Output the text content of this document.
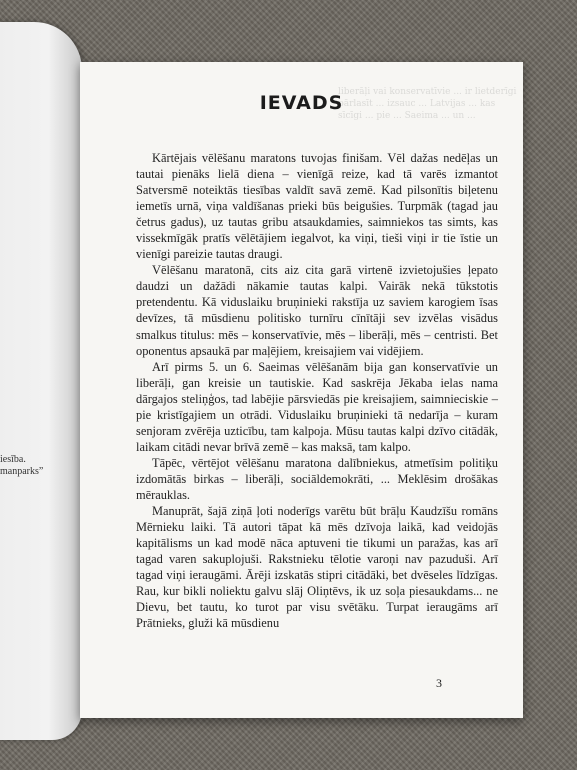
iesība.
manparks”
liberāļi vai konservatīvie ... ir lietderīgi pārlasīt ... izsauc ... Latvijas ... kas sīcīgi ... pie ... Saeima ... un ...
IEVADS

Kārtējais vēlēšanu maratons tuvojas finišam. Vēl dažas nedēļas un tautai pienāks lielā diena – vienīgā reize, kad tā varēs izmantot Satversmē noteiktās tiesības valdīt savā zemē. Kad pilsonītis biļetenu iemetīs urnā, viņa valdīšanas prieki būs beigušies. Turpmāk (tagad jau četrus gadus), uz tautas gribu atsaukdamies, saimniekos tas simts, kas vissekmīgāk pratīs vēlētājiem iegalvot, ka viņi, tieši viņi ir tie īstie un vienīgi pareizie tautas draugi.

Vēlēšanu maratonā, cits aiz cita garā virtenē izvietojušies ļepato daudzi un dažādi nākamie tautas kalpi. Vairāk nekā tūkstotis pretendentu. Kā viduslaiku bruņinieki rakstīja uz saviem karogiem īsas devīzes, tā mūsdienu politisko turnīru cīnītāji sev izvēlas visādus smalkus titulus: mēs – konservatīvie, mēs – liberāļi, mēs – centristi. Bet oponentus apsaukā par maļējiem, kreisajiem vai vidējiem.

Arī pirms 5. un 6. Saeimas vēlēšanām bija gan konservatīvie un liberāļi, gan kreisie un tautiskie. Kad saskrēja Jēkaba ielas nama dārgajos steliņģos, tad labējie pārsviedās pie kreisajiem, saimnieciskie – pie kristīgajiem un otrādi. Viduslaiku bruņinieki tā nedarīja – kuram senjoram zvērēja uzticību, tam kalpoja. Mūsu tautas kalpi dzīvo citādāk, laikam citādi nevar brīvā zemē – kas maksā, tam kalpo.

Tāpēc, vērtējot vēlēšanu maratona dalībniekus, atmetīsim politiķu izdomātās birkas – liberāļi, sociāldemokrāti, ... Meklēsim drošākas mērauklas.

Manuprāt, šajā ziņā ļoti noderīgs varētu būt brāļu Kaudzīšu romāns Mērnieku laiki. Tā autori tāpat kā mēs dzīvoja laikā, kad veidojās kapitālisms un kad modē nāca aptuveni tie tikumi un paražas, kas arī tagad varen sakuplojuši. Rakstnieku tēlotie varoņi nav pazuduši. Arī tagad viņi ieraugāmi. Ārēji izskatās stipri citādāki, bet dvēseles līdzīgas. Rau, kur bikli noliektu galvu slāj Oliņtēvs, ik uz soļa piesaukdams... ne Dievu, bet tautu, ko turot par visu svētāku. Turpat ieraugāms arī Prātnieks, gluži kā mūsdienu

3
